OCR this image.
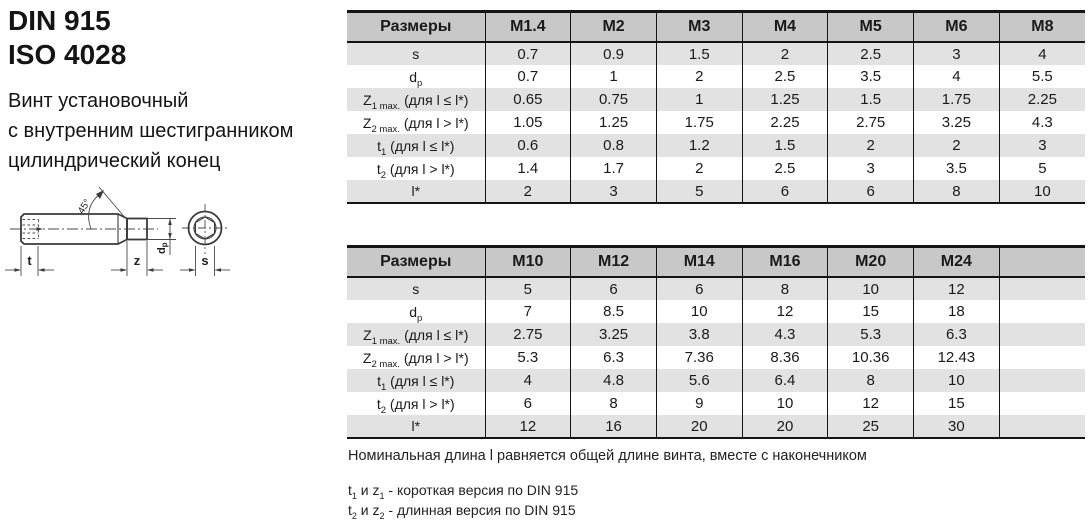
DIN 915
ISO 4028
Винт установочный
с внутренним шестигранником
цилиндрический конец
45°
t	z
dp
s
Размеры	M1.4	M2	M3	M4	M5	M6	M8
s	0.7	0.9	1.5	2	2.5	3	4
$d_p$	0.7	1	2	2.5	3.5	4	5.5
$Z_{1 max.}$ (для l ≤ l*)	0.65	0.75	1	1.25	1.5	1.75	2.25
$Z_{2 max.}$ (для l > l*)	1.05	1.25	1.75	2.25	2.75	3.25	4.3
$t_1$ (для l ≤ l*)	0.6	0.8	1.2	1.5	2	2	3
$t_2$ (для l > l*)	1.4	1.7	2	2.5	3	3.5	5
l*	2	3	5	6	6	8	10
Размеры	M10	M12	M14	M16	M20	M24	
s	5	6	6	8	10	12	
$d_p$	7	8.5	10	12	15	18	
$Z_{1 max.}$ (для l ≤ l*)	2.75	3.25	3.8	4.3	5.3	6.3	
$Z_{2 max.}$ (для l > l*)	5.3	6.3	7.36	8.36	10.36	12.43	
$t_1$ (для l ≤ l*)	4	4.8	5.6	6.4	8	10	
$t_2$ (для l > l*)	6	8	9	10	12	15	
l*	12	16	20	20	25	30	

Номинальная длина l равняется общей длине винта, вместе с наконечником

$t_1$ и $z_1$ - короткая версия по DIN 915

$t_2$ и $z_2$ - длинная версия по DIN 915
